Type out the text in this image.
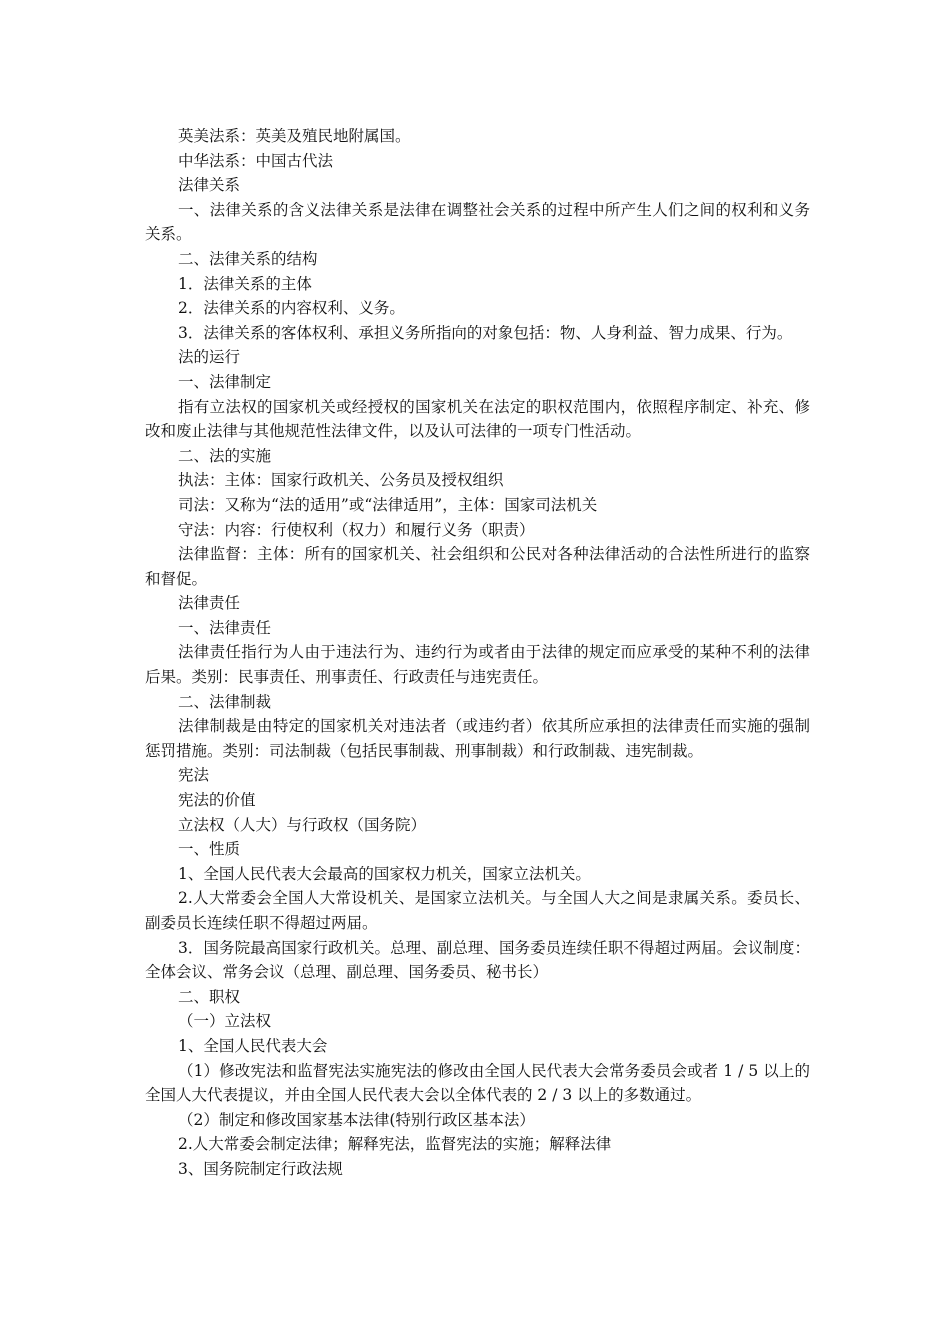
英美法系：英美及殖民地附属国。

中华法系：中国古代法

法律关系

一、法律关系的含义法律关系是法律在调整社会关系的过程中所产生人们之间的权利和义务关系。

二、法律关系的结构

1．法律关系的主体

2．法律关系的内容权利、义务。

3．法律关系的客体权利、承担义务所指向的对象包括：物、人身利益、智力成果、行为。

法的运行

一、法律制定

指有立法权的国家机关或经授权的国家机关在法定的职权范围内，依照程序制定、补充、修改和废止法律与其他规范性法律文件，以及认可法律的一项专门性活动。

二、法的实施

执法：主体：国家行政机关、公务员及授权组织

司法：又称为“法的适用”或“法律适用”，主体：国家司法机关

守法：内容：行使权利（权力）和履行义务（职责）

法律监督：主体：所有的国家机关、社会组织和公民对各种法律活动的合法性所进行的监察和督促。

法律责任

一、法律责任

法律责任指行为人由于违法行为、违约行为或者由于法律的规定而应承受的某种不利的法律后果。类别：民事责任、刑事责任、行政责任与违宪责任。

二、法律制裁

法律制裁是由特定的国家机关对违法者（或违约者）依其所应承担的法律责任而实施的强制惩罚措施。类别：司法制裁（包括民事制裁、刑事制裁）和行政制裁、违宪制裁。

宪法

宪法的价值

立法权（人大）与行政权（国务院）

一、性质

1、全国人民代表大会最高的国家权力机关，国家立法机关。

2.人大常委会全国人大常设机关、是国家立法机关。与全国人大之间是隶属关系。委员长、副委员长连续任职不得超过两届。

3．国务院最高国家行政机关。总理、副总理、国务委员连续任职不得超过两届。会议制度：全体会议、常务会议（总理、副总理、国务委员、秘书长）

二、职权

（一）立法权

1、全国人民代表大会

（1）修改宪法和监督宪法实施宪法的修改由全国人民代表大会常务委员会或者 1 / 5 以上的全国人大代表提议，并由全国人民代表大会以全体代表的 2 / 3 以上的多数通过。

（2）制定和修改国家基本法律(特别行政区基本法）

2.人大常委会制定法律；解释宪法，监督宪法的实施；解释法律

3、国务院制定行政法规
